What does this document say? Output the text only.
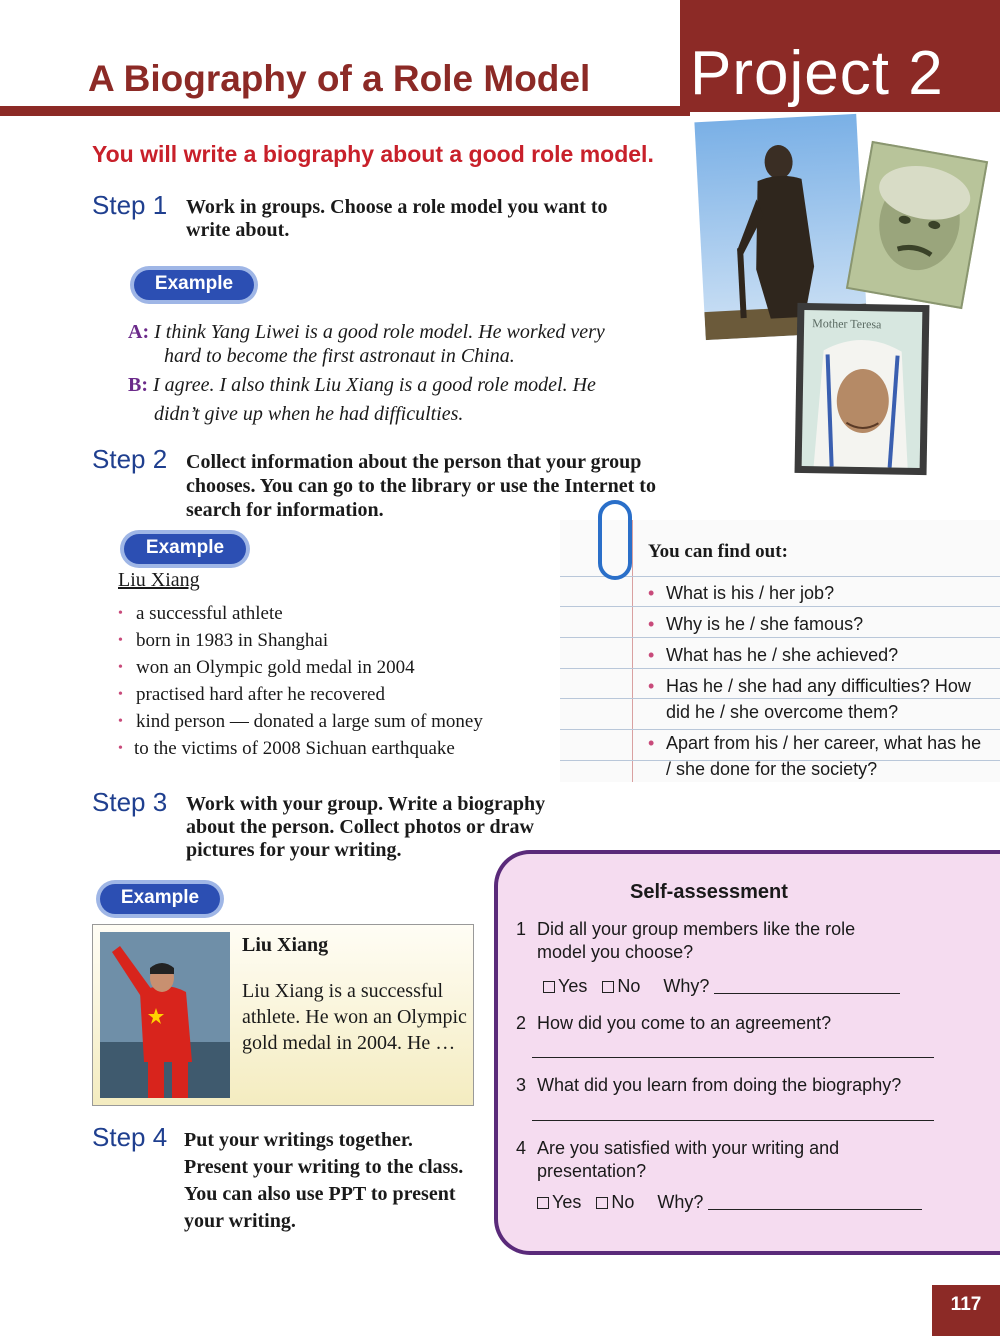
Project 2
A Biography of a Role Model
You will write a biography about a good role model.
Mother Teresa
Step 1 Work in groups. Choose a role model you want to write about.
Example
A: I think Yang Liwei is a good role model. He worked very
hard to become the first astronaut in China.
B: I agree. I also think Liu Xiang is a good role model. He
didn’t give up when he had difficulties.
Step 2 Collect information about the person that your group chooses. You can go to the library or use the Internet to search for information.
Example
Liu Xiang
• a successful athlete
• born in 1983 in Shanghai
• won an Olympic gold medal in 2004
• practised hard after he recovered
• kind person — donated a large sum of money
• to the victims of 2008 Sichuan earthquake
You can find out:
• What is his / her job?
• Why is he / she famous?
• What has he / she achieved?
• Has he / she had any difficulties? How did he / she overcome them?
• Apart from his / her career, what has he / she done for the society?
Step 3 Work with your group. Write a biography about the person. Collect photos or draw pictures for your writing.
Example
Liu Xiang
Liu Xiang is a successful athlete. He won an Olympic gold medal in 2004. He …
Step 4 Put your writings together. Present your writing to the class. You can also use PPT to present your writing.
Self-assessment
1 Did all your group members like the role model you choose?
Yes No Why?
2 How did you come to an agreement?
3 What did you learn from doing the biography?
4 Are you satisfied with your writing and presentation?
Yes No Why?
117
